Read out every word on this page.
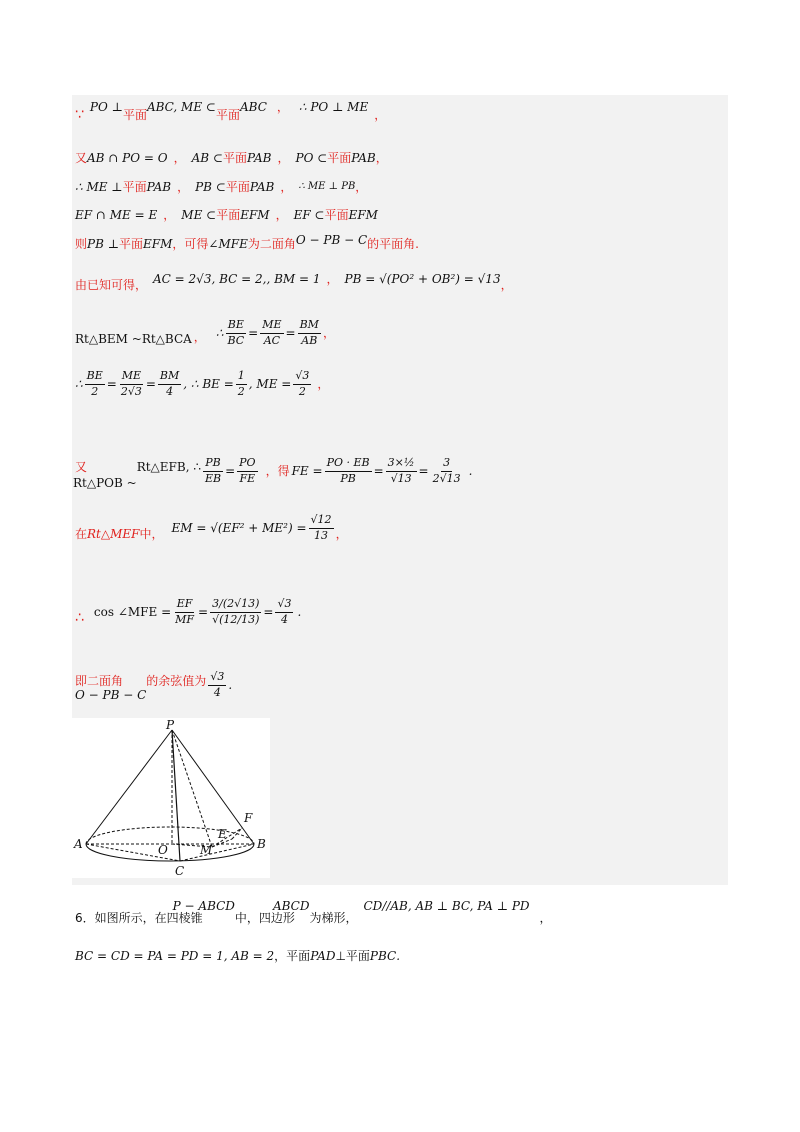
∵ PO ⊥
平面
ABC, ME ⊂
平面
ABC ， ∴ PO ⊥ ME
，
又 AB ∩ PO = O ， AB ⊂ 平面 PAB ， PO ⊂ 平面 PAB ，
∴ ME ⊥ 平面 PAB ， PB ⊂ 平面 PAB ， ∴ ME ⊥ PB ，
EF ∩ ME = E ， ME ⊂ 平面 EFM ， EF ⊂ 平面 EFM
则 PB ⊥ 平面 EFM ，可得 ∠MFE 为二面角 O − PB − C 的平面角.
由已知可得， AC = 2√3, BC = 2,, BM = 1 ， PB = √(PO² + OB²) = √13 ，
Rt△BEM ~Rt△BCA ， ∴ $\frac{BE}{BC} = \frac{ME}{AC} = \frac{BM}{AB}$ ，
∴ $\frac{BE}{2} = \frac{ME}{2√3} = \frac{BM}{4}$ , ∴ BE = $\frac{1}{2}$ , ME = $\frac{√3}{2}$ ，
又
Rt△POB ~
Rt△EFB, ∴ $\frac{PB}{EB} = \frac{PO}{FE}$ ，得 FE = $\frac{PO \cdot EB}{PB} = \frac{\text{3×½}}{√13} = \frac{3}{2√13}$ .
在 Rt△MEF 中， EM = $√(EF^2 + ME^2) = \frac{√12}{13}$ ，
∴ cos ∠MFE = $\frac{EF}{MF} = \frac{3/(2√13)}{√(12/13)} = \frac{√3}{4}$ .
即二面角
O − PB − C
的余弦值为 $\frac{√3}{4}$ .
P
A	B
O
C
M
E
F
6．如图所示，在四棱锥
P − ABCD
中，四边形
ABCD
为梯形，
CD//AB, AB ⊥ BC, PA ⊥ PD
，
BC = CD = PA = PD = 1, AB = 2 ，平面 PAD ⊥平面 PBC .
